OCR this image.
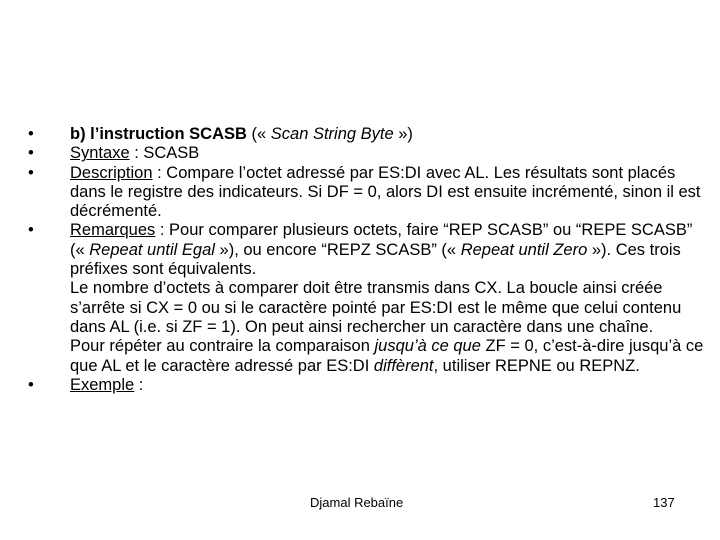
•	b) l’instruction SCASB (« Scan String Byte »)
•	Syntaxe : SCASB
•	Description : Compare l’octet adressé par ES:DI avec AL. Les résultats sont placés dans le registre des indicateurs. Si DF = 0, alors DI est ensuite incrémenté, sinon il est décrémenté.
•	Remarques : Pour comparer plusieurs octets, faire “REP SCASB” ou “REPE SCASB” (« Repeat until Egal »), ou encore “REPZ SCASB” (« Repeat until Zero »). Ces trois préfixes sont équivalents.
Le nombre d’octets à comparer doit être transmis dans CX. La boucle ainsi créée s’arrête si CX = 0 ou si le caractère pointé par ES:DI est le même que celui contenu dans AL (i.e. si ZF = 1). On peut ainsi rechercher un caractère dans une chaîne.
Pour répéter au contraire la comparaison jusqu’à ce que ZF = 0, c’est-à-dire jusqu’à ce que AL et le caractère adressé par ES:DI diffèrent, utiliser REPNE ou REPNZ.
•	Exemple :
Djamal Rebaïne	137
